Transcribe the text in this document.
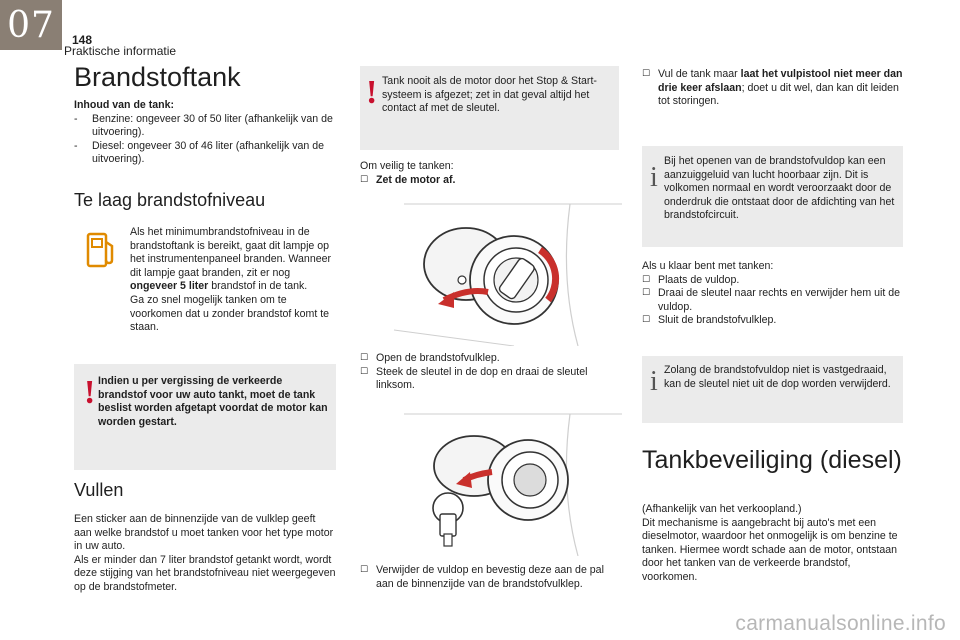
07	148
Praktische informatie
Brandstoftank

Inhoud van de tank:

-	Benzine: ongeveer 30 of 50 liter (afhankelijk van de uitvoering).
-	Diesel: ongeveer 30 of 46 liter (afhankelijk van de uitvoering).
Te laag brandstofniveau

Als het minimumbrandstofniveau in de brandstoftank is bereikt, gaat dit lampje op het instrumentenpaneel branden. Wanneer dit lampje gaat branden, zit er nog ongeveer 5 liter brandstof in de tank.

Ga zo snel mogelijk tanken om te voorkomen dat u zonder brandstof komt te staan.

! Indien u per vergissing de verkeerde brandstof voor uw auto tankt, moet de tank beslist worden afgetapt voordat de motor kan worden gestart.
Vullen

Een sticker aan de binnenzijde van de vulklep geeft aan welke brandstof u moet tanken voor het type motor in uw auto.

Als er minder dan 7 liter brandstof getankt wordt, wordt deze stijging van het brandstofniveau niet weergegeven op de brandstofmeter.

! Tank nooit als de motor door het Stop & Start-systeem is afgezet; zet in dat geval altijd het contact af met de sleutel.

Om veilig te tanken:

☐ Zet de motor af.
☐ Open de brandstofvulklep.
☐ Steek de sleutel in de dop en draai de sleutel linksom.
☐ Verwijder de vuldop en bevestig deze aan de pal aan de binnenzijde van de brandstofvulklep.
☐ Vul de tank maar laat het vulpistool niet meer dan drie keer afslaan; doet u dit wel, dan kan dit leiden tot storingen.
i
Bij het openen van de brandstofvuldop kan een aanzuiggeluid van lucht hoorbaar zijn. Dit is volkomen normaal en wordt veroorzaakt door de onderdruk die ontstaat door de afdichting van het brandstofcircuit.

Als u klaar bent met tanken:

☐ Plaats de vuldop.
☐ Draai de sleutel naar rechts en verwijder hem uit de vuldop.
☐ Sluit de brandstofvulklep.
i Zolang de brandstofvuldop niet is vastgedraaid, kan de sleutel niet uit de dop worden verwijderd.
Tankbeveiliging (diesel)

(Afhankelijk van het verkoopland.)

Dit mechanisme is aangebracht bij auto's met een dieselmotor, waardoor het onmogelijk is om benzine te tanken. Hiermee wordt schade aan de motor, ontstaan door het tanken van de verkeerde brandstof, voorkomen.

carmanualsonline.info
